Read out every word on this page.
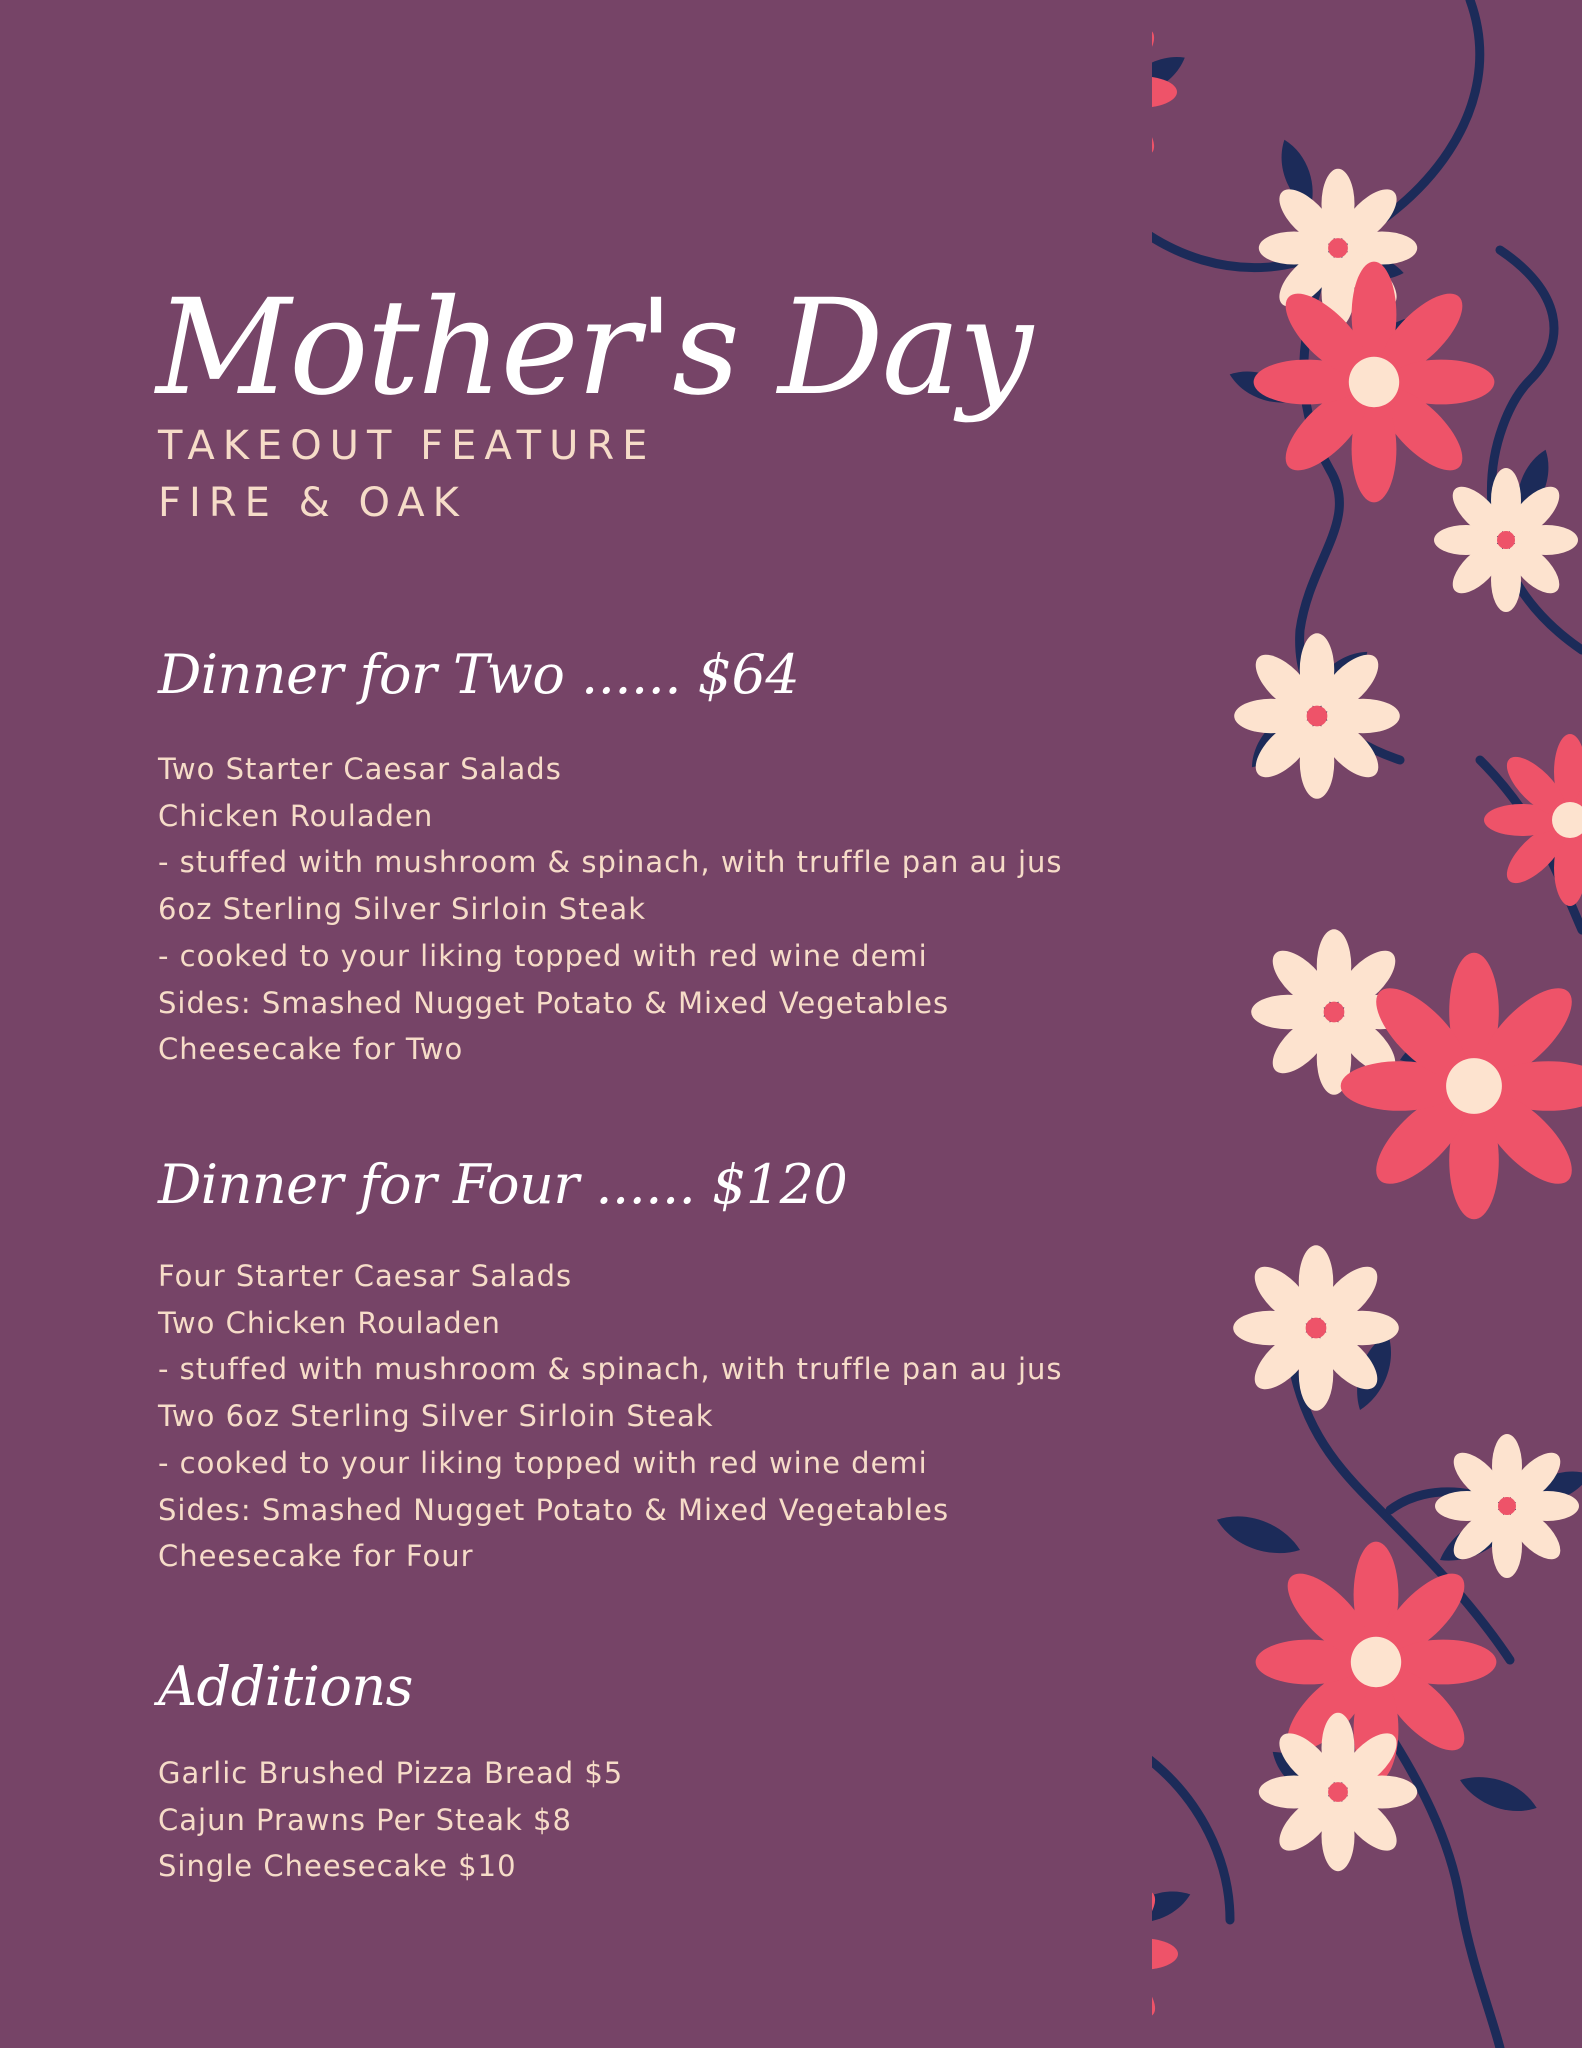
Mother's Day

TAKEOUT FEATURE

FIRE & OAK

Dinner for Two ...... $64
Two Starter Caesar Salads
Chicken Rouladen
- stuffed with mushroom & spinach, with truffle pan au jus
6oz Sterling Silver Sirloin Steak
- cooked to your liking topped with red wine demi
Sides: Smashed Nugget Potato & Mixed Vegetables
Cheesecake for Two
Dinner for Four ...... $120
Four Starter Caesar Salads
Two Chicken Rouladen
- stuffed with mushroom & spinach, with truffle pan au jus
Two 6oz Sterling Silver Sirloin Steak
- cooked to your liking topped with red wine demi
Sides: Smashed Nugget Potato & Mixed Vegetables
Cheesecake for Four
Additions
Garlic Brushed Pizza Bread $5
Cajun Prawns Per Steak $8
Single Cheesecake $10
